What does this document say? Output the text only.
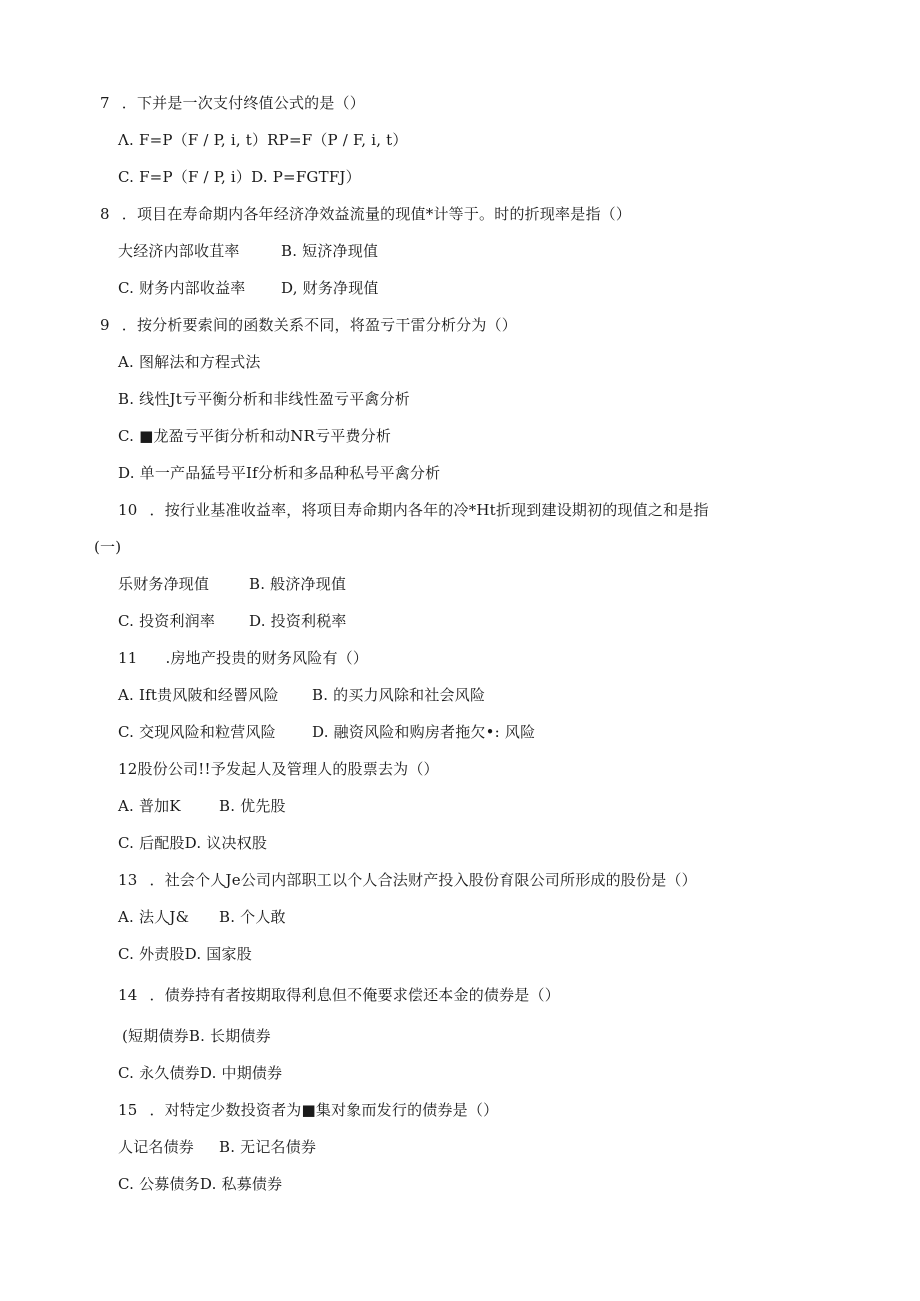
7 ．下并是一次支付终值公式的是（）
Λ. F=P（F / P, i, t）RP=F（P / F, i, t）
C. F=P（F / P, i）D. P=FGTFJ）
8 ．项目在寿命期内各年经济净效益流量的现值*计等于。时的折现率是指（）
大经济内部收苴率	B. 短济净现值
C. 财务内部收益率 D, 财务净现值
9 ．按分析要索间的函数关系不同，将盈亏干雷分析分为（）
A. 图解法和方程式法
B. 线性Jt亏平衡分析和非线性盈亏平禽分析
C. ■龙盈亏平街分析和动NR亏平费分析
D. 单一产品猛号平If分析和多品种私号平禽分析
10 ．按行业基准收益率，将项目寿命期内各年的冷*Ht折现到建设期初的现值之和是指
(一)
乐财务净现值	B. 般济净现值
C. 投资利润率 D. 投资利税率
11 .房地产投贵的财务风险有（）
A. Ift贵风陂和经罾风险 B. 的买力风除和社会风险
C. 交现风险和粒营风险 D. 融资风险和购房者拖欠•: 风险
12股份公司!!予发起人及管理人的股票去为（）
A. 普加K	B. 优先股
C. 后配股D. 议决权股
13 ．社会个人Je公司内部职工以个人合法财产投入股份育限公司所形成的股份是（）
A. 法人J& B. 个人敢
C. 外责股D. 国家股
14 ．债券持有者按期取得利息但不俺要求偿还本金的债券是（）
(短期债券B. 长期债券
C. 永久债券D. 中期债券
15 ．对特定少数投资者为■集对象而发行的债券是（）
人记名债券 B. 无记名债券
C. 公募债务D. 私募债券
